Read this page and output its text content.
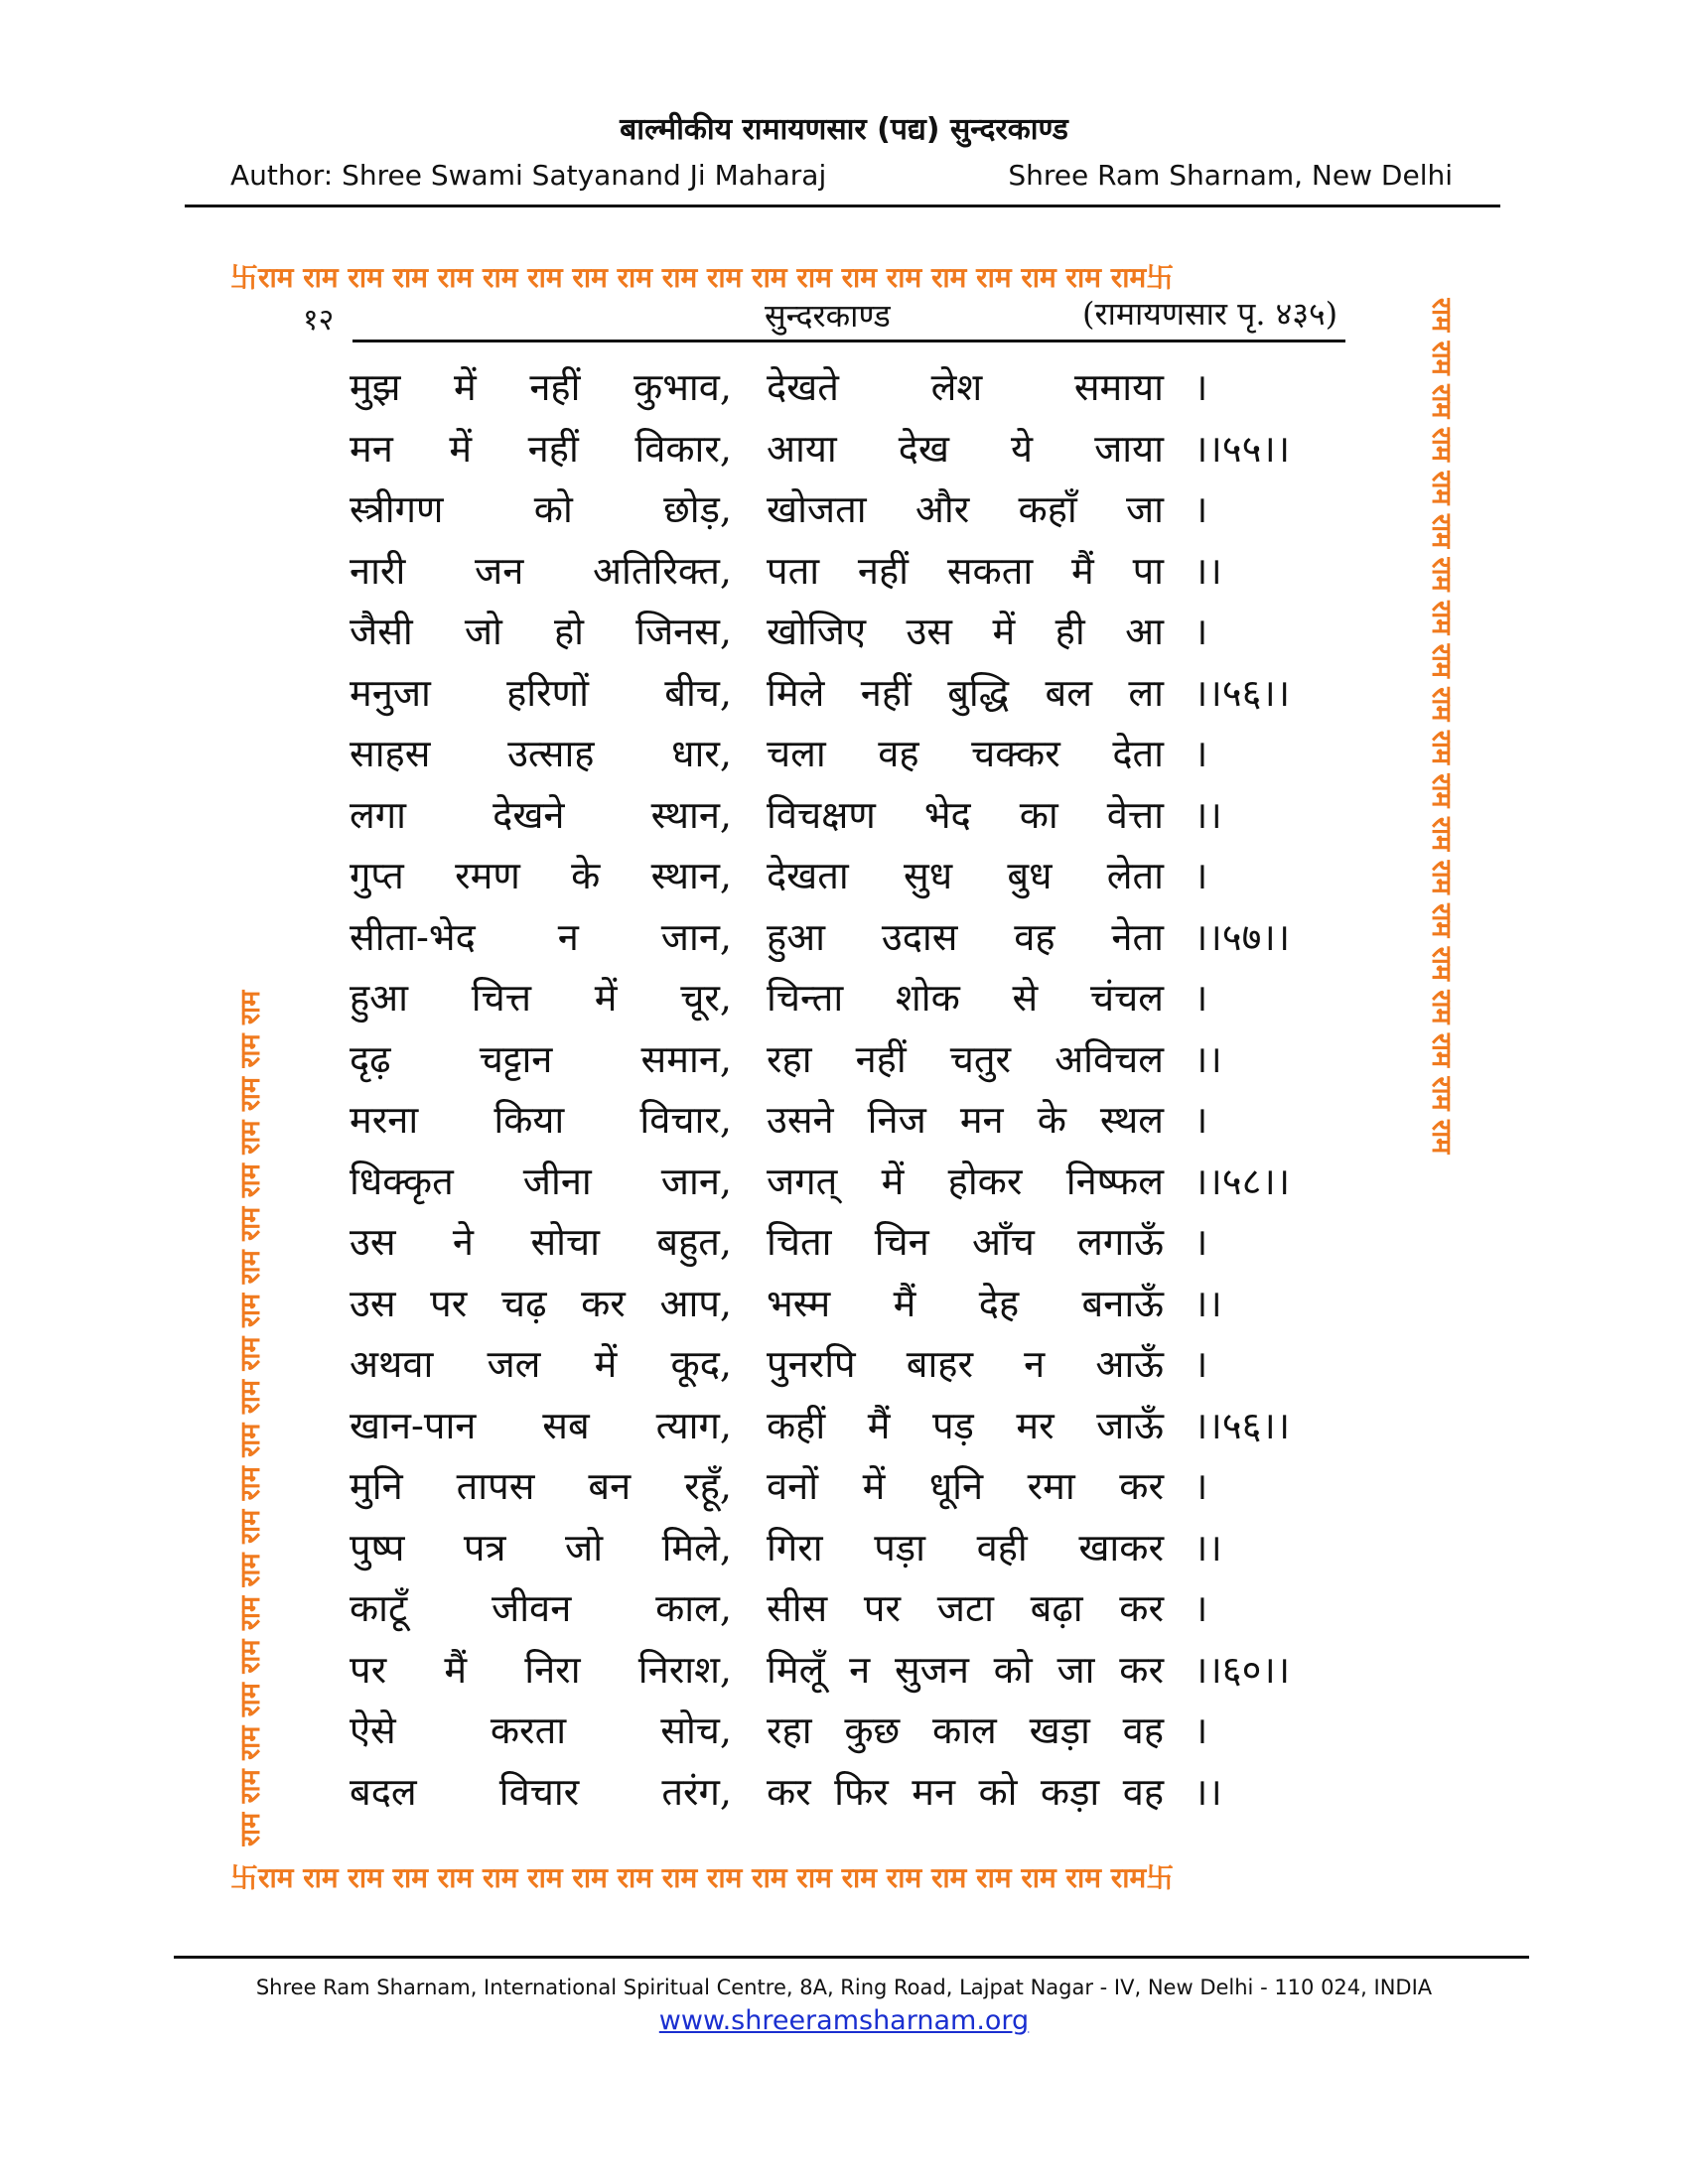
बाल्मीकीय रामायणसार (पद्य) सुन्दरकाण्ड
Author: Shree Swami Satyanand Ji Maharaj	Shree Ram Sharnam, New Delhi
卐राम राम राम राम राम राम राम राम राम राम राम राम राम राम राम राम राम राम राम राम卐
राम राम राम राम राम राम राम राम राम राम राम राम राम राम राम राम राम राम राम राम
राम राम राम राम राम राम राम राम राम राम राम राम राम राम राम राम राम राम राम राम
卐राम राम राम राम राम राम राम राम राम राम राम राम राम राम राम राम राम राम राम राम卐
१२	सुन्दरकाण्ड	(रामायणसार पृ. ४३५)
मुझ में नहीं कुभाव, देखते लेश समाया ।
मन में नहीं विकार, आया देख ये जाया ।।५५।।
स्त्रीगण को छोड़, खोजता और कहाँ जा ।
नारी जन अतिरिक्त, पता नहीं सकता मैं पा ।।
जैसी जो हो जिनस, खोजिए उस में ही आ ।
मनुजा हरिणों बीच, मिले नहीं बुद्धि बल ला ।।५६।।
साहस उत्साह धार, चला वह चक्कर देता ।
लगा देखने स्थान, विचक्षण भेद का वेत्ता ।।
गुप्त रमण के स्थान, देखता सुध बुध लेता ।
सीता-भेद न जान, हुआ उदास वह नेता ।।५७।।
हुआ चित्त में चूर, चिन्ता शोक से चंचल ।
दृढ़ चट्टान समान, रहा नहीं चतुर अविचल ।।
मरना किया विचार, उसने निज मन के स्थल ।
धिक्कृत जीना जान, जगत् में होकर निष्फल ।।५८।।
उस ने सोचा बहुत, चिता चिन आँच लगाऊँ ।
उस पर चढ़ कर आप, भस्म मैं देह बनाऊँ ।।
अथवा जल में कूद, पुनरपि बाहर न आऊँ ।
खान-पान सब त्याग, कहीं मैं पड़ मर जाऊँ ।।५६।।
मुनि तापस बन रहूँ, वनों में धूनि रमा कर ।
पुष्प पत्र जो मिले, गिरा पड़ा वही खाकर ।।
काटूँ जीवन काल, सीस पर जटा बढ़ा कर ।
पर मैं निरा निराश, मिलूँ न सुजन को जा कर ।।६०।।
ऐसे करता सोच, रहा कुछ काल खड़ा वह ।
बदल विचार तरंग, कर फिर मन को कड़ा वह ।।
Shree Ram Sharnam, International Spiritual Centre, 8A, Ring Road, Lajpat Nagar - IV, New Delhi - 110 024, INDIA
www.shreeramsharnam.org
